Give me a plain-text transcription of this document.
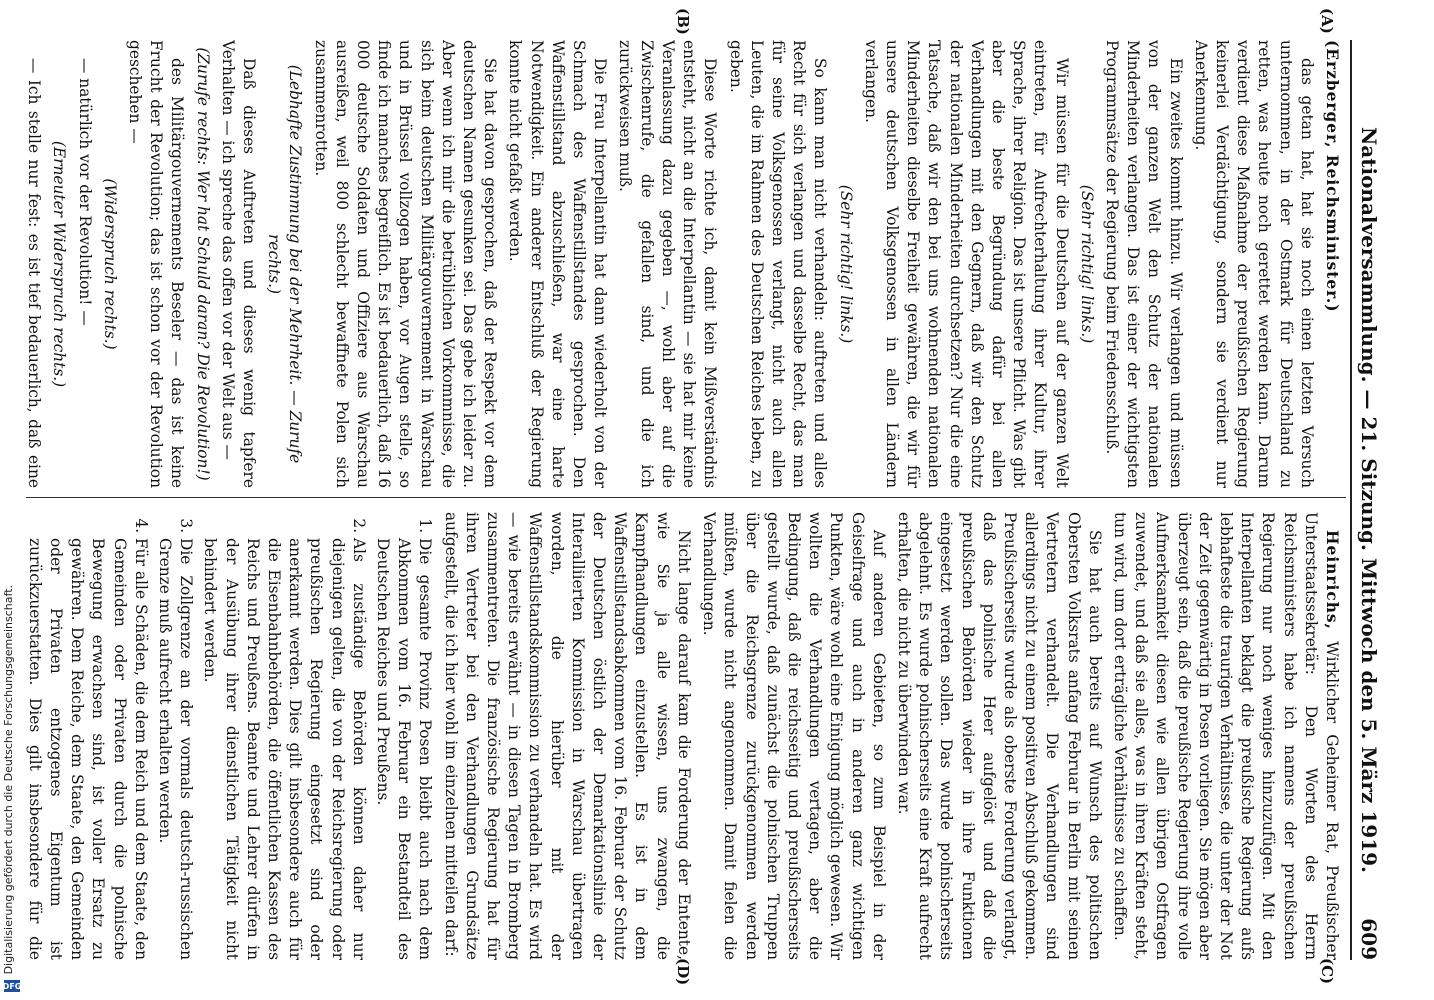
Nationalversammlung. — 21. Sitzung. Mittwoch den 5. März 1919.
609
(A)
(B)
(C)
(D)

(Erzberger, Reichsminister.)

das getan hat, hat sie noch einen letzten Versuch unternommen, in der Ostmark für Deutschland zu retten, was heute noch gerettet werden kann. Darum verdient diese Maßnahme der preußischen Regierung keinerlei Verdächtigung, sondern sie verdient nur Anerkennung.

Ein zweites kommt hinzu. Wir verlangen und müssen von der ganzen Welt den Schutz der nationalen Minderheiten verlangen. Das ist einer der wichtigsten Programmsätze der Regierung beim Friedensschluß.

(Sehr richtig! links.)

Wir müssen für die Deutschen auf der ganzen Welt eintreten, für Aufrechterhaltung ihrer Kultur, ihrer Sprache, ihrer Religion. Das ist unsere Pflicht. Was gibt aber die beste Begründung dafür bei allen Verhandlungen mit den Gegnern, daß wir den Schutz der nationalen Minderheiten durchsetzen? Nur die eine Tatsache, daß wir den bei uns wohnenden nationalen Minderheiten dieselbe Freiheit gewähren, die wir für unsere deutschen Volksgenossen in allen Ländern verlangen.

(Sehr richtig! links.)

So kann man nicht verhandeln: auftreten und alles Recht für sich verlangen und dasselbe Recht, das man für seine Volksgenossen verlangt, nicht auch allen Leuten, die im Rahmen des Deutschen Reiches leben, zu geben.

Diese Worte richte ich, damit kein Mißverständnis entsteht, nicht an die Interpellantin — sie hat mir keine Veranlassung dazu gegeben —, wohl aber auf die Zwischenrufe, die gefallen sind, und die ich zurückweisen muß.

Die Frau Interpellantin hat dann wiederholt von der Schmach des Waffenstillstandes gesprochen. Den Waffenstillstand abzuschließen, war eine harte Notwendigkeit. Ein anderer Entschluß der Regierung konnte nicht gefaßt werden.

Sie hat davon gesprochen, daß der Respekt vor dem deutschen Namen gesunken sei. Das gebe ich leider zu. Aber wenn ich mir die betrüblichen Vorkommnisse, die sich beim deutschen Militärgouvernement in Warschau und in Brüssel vollzogen haben, vor Augen stelle, so finde ich manches begreiflich. Es ist bedauerlich, daß 16 000 deutsche Soldaten und Offiziere aus Warschau ausreißen, weil 800 schlecht bewaffnete Polen sich zusammenrotten.

(Lebhafte Zustimmung bei der Mehrheit. — Zurufe rechts.)

Daß dieses Auftreten und dieses wenig tapfere Verhalten — ich spreche das offen vor der Welt aus —

(Zurufe rechts: Wer hat Schuld daran? Die Revolution!)

des Militärgouvernements Beseler — das ist keine Frucht der Revolution; das ist schon vor der Revolution geschehen —

(Widerspruch rechts.)

— natürlich vor der Revolution! —

(Erneuter Widerspruch rechts.)

— Ich stelle nur fest: es ist tief bedauerlich, daß eine

Heinrichs, Wirklicher Geheimer Rat, Preußischer Unterstaatssekretär: Den Worten des Herrn Reichsministers habe ich namens der preußischen Regierung nur noch weniges hinzuzufügen. Mit den Interpellanten beklagt die preußische Regierung aufs lebhafteste die traurigen Verhältnisse, die unter der Not der Zeit gegenwärtig in Posen vorliegen. Sie mögen aber überzeugt sein, daß die preußische Regierung ihre volle Aufmerksamkeit diesen wie allen übrigen Ostfragen zuwendet, und daß sie alles, was in ihren Kräften steht, tun wird, um dort erträgliche Verhältnisse zu schaffen.

Sie hat auch bereits auf Wunsch des politischen Obersten Volksrats anfang Februar in Berlin mit seinen Vertretern verhandelt. Die Verhandlungen sind allerdings nicht zu einem positiven Abschluß gekommen. Preußischerseits wurde als oberste Forderung verlangt, daß das polnische Heer aufgelöst und daß die preußischen Behörden wieder in ihre Funktionen eingesetzt werden sollen. Das wurde polnischerseits abgelehnt. Es wurde polnischerseits eine Kraft aufrecht erhalten, die nicht zu überwinden war.

Auf anderen Gebieten, so zum Beispiel in der Geiselfrage und auch in anderen ganz wichtigen Punkten, wäre wohl eine Einigung möglich gewesen. Wir wollten die Verhandlungen vertagen, aber die Bedingung, daß die reichsseitig und preußischerseits gestellt wurde, daß zunächst die polnischen Truppen über die Reichsgrenze zurückgenommen werden müßten, wurde nicht angenommen. Damit fielen die Verhandlungen.

Nicht lange darauf kam die Forderung der Entente, wie Sie ja alle wissen, uns zwangen, die Kampfhandlungen einzustellen. Es ist in dem Waffenstillstandsabkommen vom 16. Februar der Schutz der Deutschen östlich der Demarkationslinie der Interalliierten Kommission in Warschau übertragen worden, die hierüber mit der Waffenstillstandskommission zu verhandeln hat. Es wird — wie bereits erwähnt — in diesen Tagen in Bromberg zusammentreten. Die französische Regierung hat für ihren Vertreter bei den Verhandlungen Grundsätze aufgestellt, die ich hier wohl im einzelnen mitteilen darf:

1. Die gesamte Provinz Posen bleibt auch nach dem Abkommen vom 16. Februar ein Bestandteil des Deutschen Reiches und Preußens.
2. Als zuständige Behörden können daher nur diejenigen gelten, die von der Reichsregierung oder preußischen Regierung eingesetzt sind oder anerkannt werden. Dies gilt insbesondere auch für die Eisenbahnbehörden, die öffentlichen Kassen des Reichs und Preußens. Beamte und Lehrer dürfen in der Ausübung ihrer dienstlichen Tätigkeit nicht behindert werden.
3. Die Zollgrenze an der vormals deutsch-russischen Grenze muß aufrecht erhalten werden.
4. Für alle Schäden, die dem Reich und dem Staate, den Gemeinden oder Privaten durch die polnische Bewegung erwachsen sind, ist voller Ersatz zu gewähren. Dem Reiche, dem Staate, den Gemeinden oder Privaten entzogenes Eigentum ist zurückzuerstatten. Dies gilt insbesondere für die
Digitalisierung gefördert durch die Deutsche Forschungsgemeinschaft.
DFG
